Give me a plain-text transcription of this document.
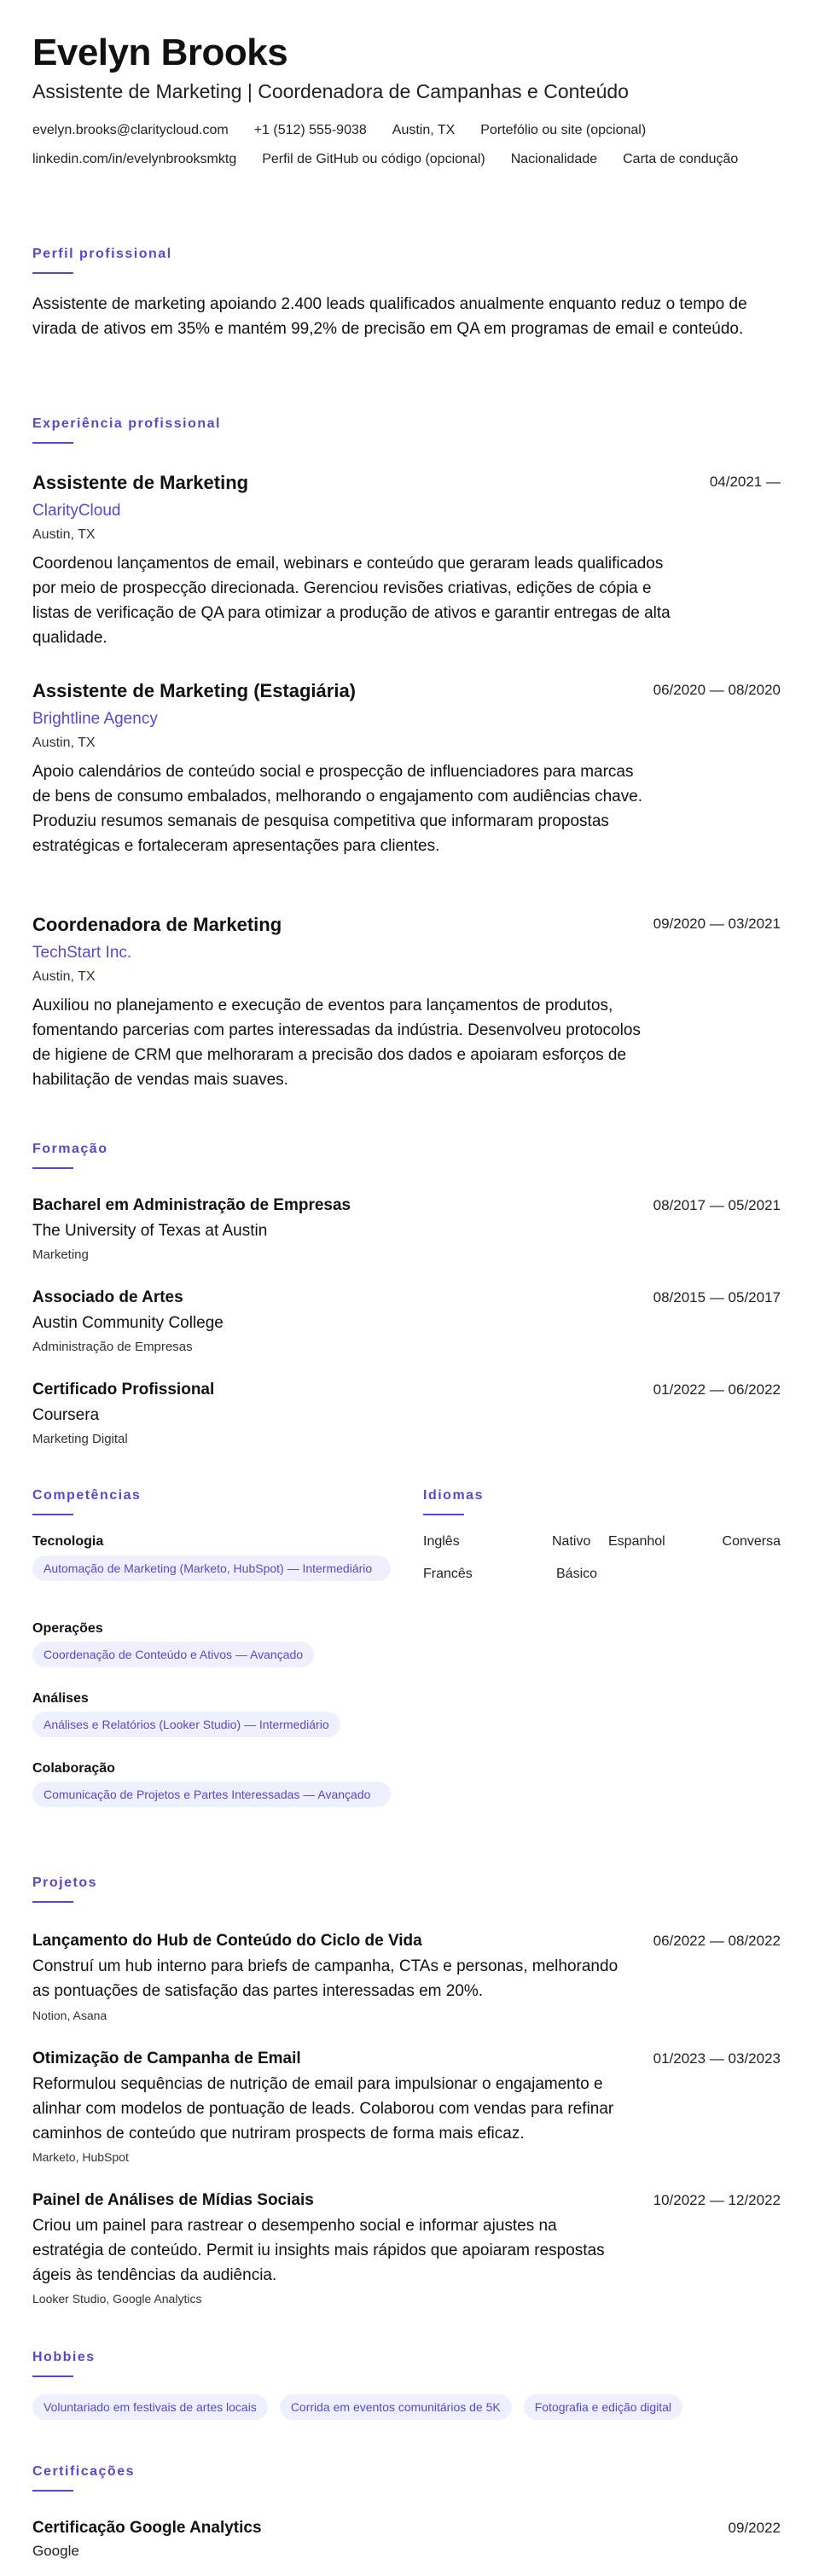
Evelyn Brooks
Assistente de Marketing | Coordenadora de Campanhas e Conteúdo
evelyn.brooks@claritycloud.com +1 (512) 555-9038 Austin, TX Portefólio ou site (opcional)
linkedin.com/in/evelynbrooksmktg Perfil de GitHub ou código (opcional) Nacionalidade Carta de condução
Perfil profissional
Assistente de marketing apoiando 2.400 leads qualificados anualmente enquanto reduz o tempo de virada de ativos em 35% e mantém 99,2% de precisão em QA em programas de email e conteúdo.
Experiência profissional
Assistente de Marketing	04/2021 —
ClarityCloud
Austin, TX
Coordenou lançamentos de email, webinars e conteúdo que geraram leads qualificados por meio de prospecção direcionada. Gerenciou revisões criativas, edições de cópia e listas de verificação de QA para otimizar a produção de ativos e garantir entregas de alta qualidade.
Assistente de Marketing (Estagiária)	06/2020 — 08/2020
Brightline Agency
Austin, TX
Apoio calendários de conteúdo social e prospecção de influenciadores para marcas de bens de consumo embalados, melhorando o engajamento com audiências chave. Produziu resumos semanais de pesquisa competitiva que informaram propostas estratégicas e fortaleceram apresentações para clientes.
Coordenadora de Marketing	09/2020 — 03/2021
TechStart Inc.
Austin, TX
Auxiliou no planejamento e execução de eventos para lançamentos de produtos, fomentando parcerias com partes interessadas da indústria. Desenvolveu protocolos de higiene de CRM que melhoraram a precisão dos dados e apoiaram esforços de habilitação de vendas mais suaves.
Formação
Bacharel em Administração de Empresas	08/2017 — 05/2021
The University of Texas at Austin
Marketing
Associado de Artes	08/2015 — 05/2017
Austin Community College
Administração de Empresas
Certificado Profissional	01/2022 — 06/2022
Coursera
Marketing Digital
Competências
Tecnologia
Automação de Marketing (Marketo, HubSpot) — Intermediário
Operações
Coordenação de Conteúdo e Ativos — Avançado
Análises
Análises e Relatórios (Looker Studio) — Intermediário
Colaboração
Comunicação de Projetos e Partes Interessadas — Avançado
Idiomas
Inglês	Nativo Espanhol	Conversa
Francês	Básico
Projetos
Lançamento do Hub de Conteúdo do Ciclo de Vida	06/2022 — 08/2022
Construí um hub interno para briefs de campanha, CTAs e personas, melhorando as pontuações de satisfação das partes interessadas em 20%.
Notion, Asana
Otimização de Campanha de Email	01/2023 — 03/2023
Reformulou sequências de nutrição de email para impulsionar o engajamento e alinhar com modelos de pontuação de leads. Colaborou com vendas para refinar caminhos de conteúdo que nutriram prospects de forma mais eficaz.
Marketo, HubSpot
Painel de Análises de Mídias Sociais	10/2022 — 12/2022
Criou um painel para rastrear o desempenho social e informar ajustes na estratégia de conteúdo. Permit iu insights mais rápidos que apoiaram respostas ágeis às tendências da audiência.
Looker Studio, Google Analytics
Hobbies
Voluntariado em festivais de artes locais	Corrida em eventos comunitários de 5K	Fotografia e edição digital
Certificações
Certificação Google Analytics	09/2022
Google
